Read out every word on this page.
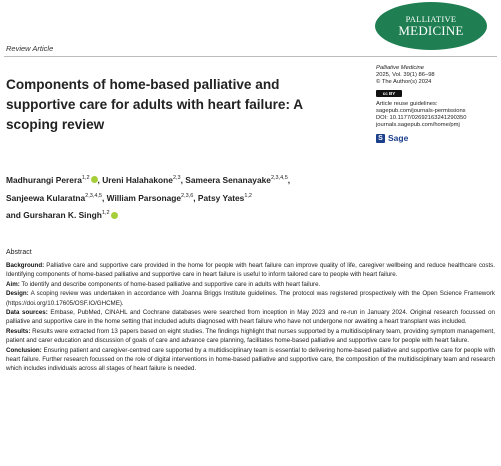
PALLIATIVE
MEDICINE
Review Article
Components of home-based palliative and supportive care for adults with heart failure: A scoping review
Palliative Medicine
2025, Vol. 39(1) 86–98
© The Author(s) 2024
cc BY
Article reuse guidelines:
sagepub.com/journals-permissions
DOI: 10.1177/02692163241290350
journals.sagepub.com/home/pmj
S Sage
Madhurangi Perera$^{1,2}$ , Ureni Halahakone$^{2,3}$, Sameera Senanayake$^{2,3,4,5}$,
Sanjeewa Kularatna$^{2,3,4,5}$, William Parsonage$^{2,3,6}$, Patsy Yates$^{1,2}$
and Gursharan K. Singh$^{1,2}$
Abstract

Background: Palliative care and supportive care provided in the home for people with heart failure can improve quality of life, caregiver wellbeing and reduce healthcare costs. Identifying components of home-based palliative and supportive care in heart failure is useful to inform tailored care to people with heart failure.

Aim: To identify and describe components of home-based palliative and supportive care in adults with heart failure.

Design: A scoping review was undertaken in accordance with Joanna Briggs Institute guidelines. The protocol was registered prospectively with the Open Science Framework (https://doi.org/10.17605/OSF.IO/GHCME).

Data sources: Embase, PubMed, CINAHL and Cochrane databases were searched from inception in May 2023 and re-run in January 2024. Original research focussed on palliative and supportive care in the home setting that included adults diagnosed with heart failure who have not undergone nor awaiting a heart transplant was included.

Results: Results were extracted from 13 papers based on eight studies. The findings highlight that nurses supported by a multidisciplinary team, providing symptom management, patient and carer education and discussion of goals of care and advance care planning, facilitates home-based palliative and supportive care for people with heart failure.

Conclusion: Ensuring patient and caregiver-centred care supported by a multidisciplinary team is essential to delivering home-based palliative and supportive care for people with heart failure. Further research focussed on the role of digital interventions in home-based palliative and supportive care, the composition of the multidisciplinary team and research which includes individuals across all stages of heart failure is needed.
